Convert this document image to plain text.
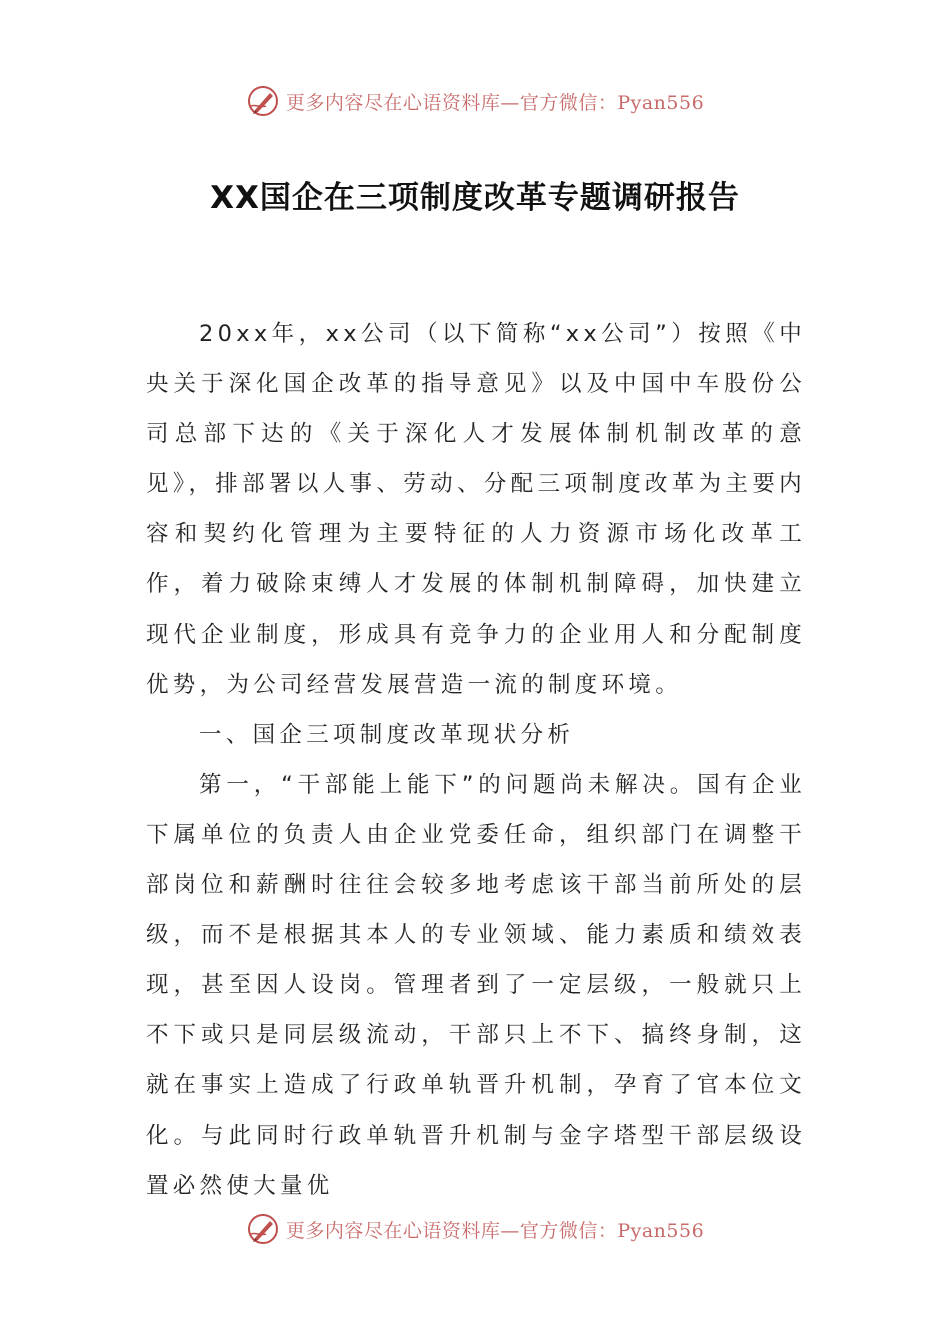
更多内容尽在心语资料库—官方微信：Pyan556
XX国企在三项制度改革专题调研报告

20xx年，xx公司（以下简称“xx公司”）按照《中央关于深化国企改革的指导意见》以及中国中车股份公司总部下达的《关于深化人才发展体制机制改革的意见》，排部署以人事、劳动、分配三项制度改革为主要内容和契约化管理为主要特征的人力资源市场化改革工作，着力破除束缚人才发展的体制机制障碍，加快建立现代企业制度，形成具有竞争力的企业用人和分配制度优势，为公司经营发展营造一流的制度环境。

一、国企三项制度改革现状分析

第一，“干部能上能下”的问题尚未解决。国有企业下属单位的负责人由企业党委任命，组织部门在调整干部岗位和薪酬时往往会较多地考虑该干部当前所处的层级，而不是根据其本人的专业领域、能力素质和绩效表现，甚至因人设岗。管理者到了一定层级，一般就只上不下或只是同层级流动，干部只上不下、搞终身制，这就在事实上造成了行政单轨晋升机制，孕育了官本位文化。与此同时行政单轨晋升机制与金字塔型干部层级设置必然使大量优

更多内容尽在心语资料库—官方微信：Pyan556
